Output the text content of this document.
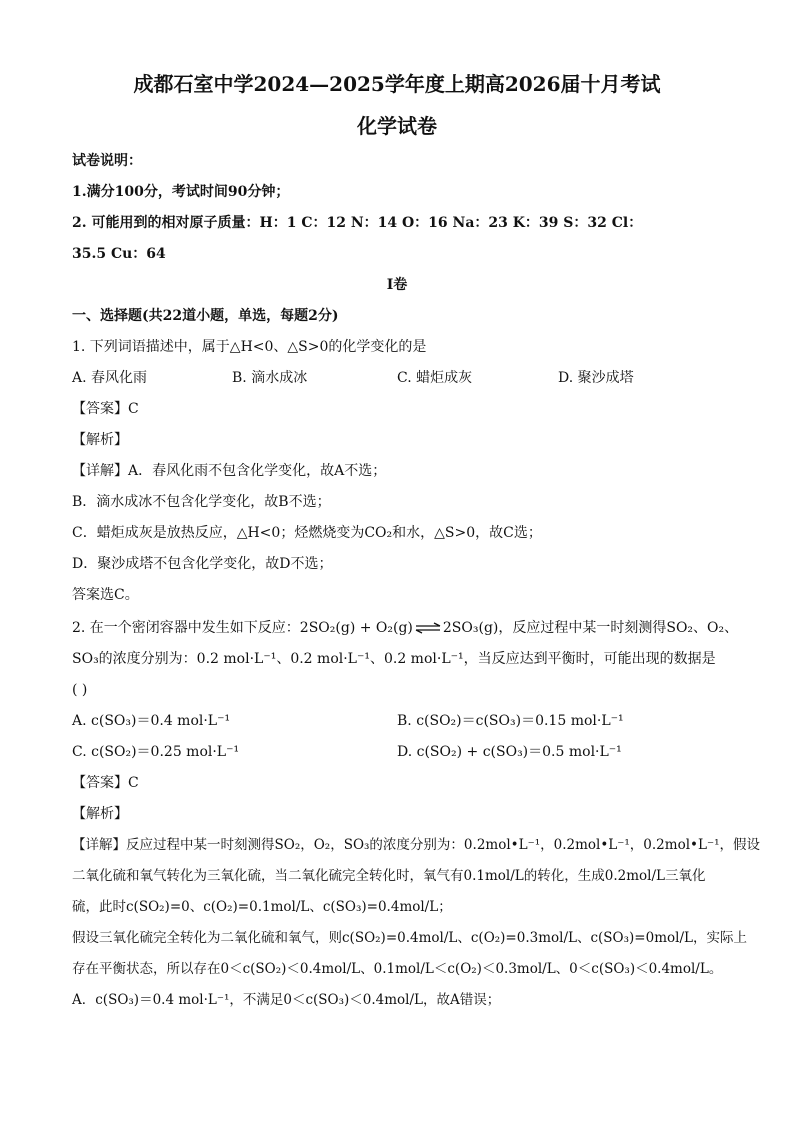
成都石室中学2024—2025学年度上期高2026届十月考试
化学试卷
试卷说明：
1.满分100分，考试时间90分钟；
2. 可能用到的相对原子质量：H：1 C：12 N：14 O：16 Na：23 K：39 S：32 Cl：
35.5 Cu：64
I卷
一、选择题(共22道小题，单选，每题2分)
1. 下列词语描述中，属于△H<0、△S>0的化学变化的是
A. 春风化雨	B. 滴水成冰	C. 蜡炬成灰	D. 聚沙成塔
【答案】C
【解析】
【详解】A．春风化雨不包含化学变化，故A不选；
B．滴水成冰不包含化学变化，故B不选；
C．蜡炬成灰是放热反应，△H<0；烃燃烧变为CO₂和水，△S>0，故C选；
D．聚沙成塔不包含化学变化，故D不选；
答案选C。
2. 在一个密闭容器中发生如下反应：2SO₂(g) + O₂(g) ⇌ 2SO₃(g)，反应过程中某一时刻测得SO₂、O₂、
SO₃的浓度分别为：0.2 mol·L⁻¹、0.2 mol·L⁻¹、0.2 mol·L⁻¹，当反应达到平衡时，可能出现的数据是
( )
A. c(SO₃)＝0.4 mol·L⁻¹	B. c(SO₂)＝c(SO₃)＝0.15 mol·L⁻¹
C. c(SO₂)＝0.25 mol·L⁻¹	D. c(SO₂) + c(SO₃)＝0.5 mol·L⁻¹
【答案】C
【解析】
【详解】反应过程中某一时刻测得SO₂，O₂，SO₃的浓度分别为：0.2mol•L⁻¹，0.2mol•L⁻¹，0.2mol•L⁻¹，假设
二氧化硫和氧气转化为三氧化硫，当二氧化硫完全转化时，氧气有0.1mol/L的转化，生成0.2mol/L三氧化
硫，此时c(SO₂)=0、c(O₂)=0.1mol/L、c(SO₃)=0.4mol/L；
假设三氧化硫完全转化为二氧化硫和氧气，则c(SO₂)=0.4mol/L、c(O₂)=0.3mol/L、c(SO₃)=0mol/L，实际上
存在平衡状态，所以存在0＜c(SO₂)＜0.4mol/L、0.1mol/L＜c(O₂)＜0.3mol/L、0＜c(SO₃)＜0.4mol/L。
A．c(SO₃)＝0.4 mol·L⁻¹，不满足0＜c(SO₃)＜0.4mol/L，故A错误；
